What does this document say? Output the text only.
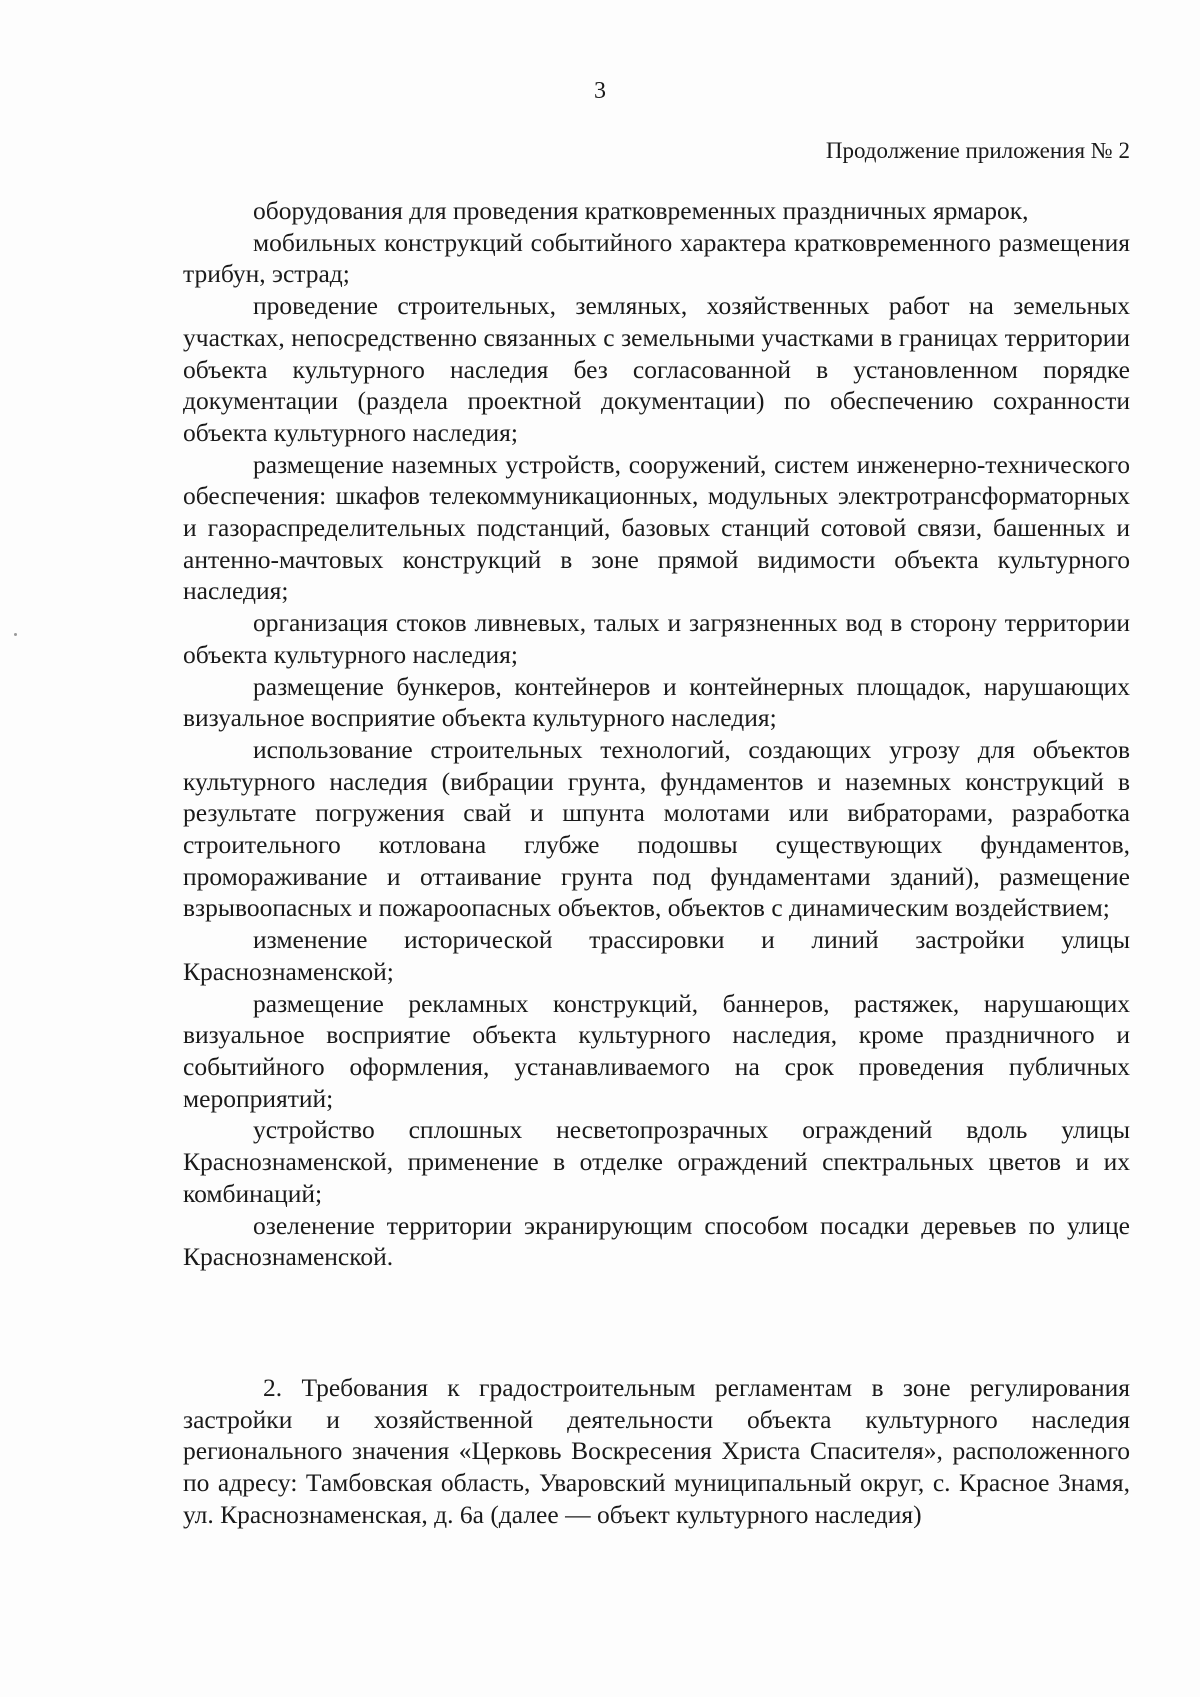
3
Продолжение приложения № 2

оборудования для проведения кратковременных праздничных ярмарок,

мобильных конструкций событийного характера кратковременного размещения трибун, эстрад;

проведение строительных, земляных, хозяйственных работ на земельных участках, непосредственно связанных с земельными участками в границах территории объекта культурного наследия без согласованной в установленном порядке документации (раздела проектной документации) по обеспечению сохранности объекта культурного наследия;

размещение наземных устройств, сооружений, систем инженерно-технического обеспечения: шкафов телекоммуникационных, модульных электротрансформаторных и газораспределительных подстанций, базовых станций сотовой связи, башенных и антенно-мачтовых конструкций в зоне прямой видимости объекта культурного наследия;

организация стоков ливневых, талых и загрязненных вод в сторону территории объекта культурного наследия;

размещение бункеров, контейнеров и контейнерных площадок, нарушающих визуальное восприятие объекта культурного наследия;

использование строительных технологий, создающих угрозу для объектов культурного наследия (вибрации грунта, фундаментов и наземных конструкций в результате погружения свай и шпунта молотами или вибраторами, разработка строительного котлована глубже подошвы существующих фундаментов, промораживание и оттаивание грунта под фундаментами зданий), размещение взрывоопасных и пожароопасных объектов, объектов с динамическим воздействием;

изменение исторической трассировки и линий застройки улицы Краснознаменской;

размещение рекламных конструкций, баннеров, растяжек, нарушающих визуальное восприятие объекта культурного наследия, кроме праздничного и событийного оформления, устанавливаемого на срок проведения публичных мероприятий;

устройство сплошных несветопрозрачных ограждений вдоль улицы Краснознаменской, применение в отделке ограждений спектральных цветов и их комбинаций;

озеленение территории экранирующим способом посадки деревьев по улице Краснознаменской.

2. Требования к градостроительным регламентам в зоне регулирования застройки и хозяйственной деятельности объекта культурного наследия регионального значения «Церковь Воскресения Христа Спасителя», расположенного по адресу: Тамбовская область, Уваровский муниципальный округ, с. Красное Знамя, ул. Краснознаменская, д. 6а (далее — объект культурного наследия)
